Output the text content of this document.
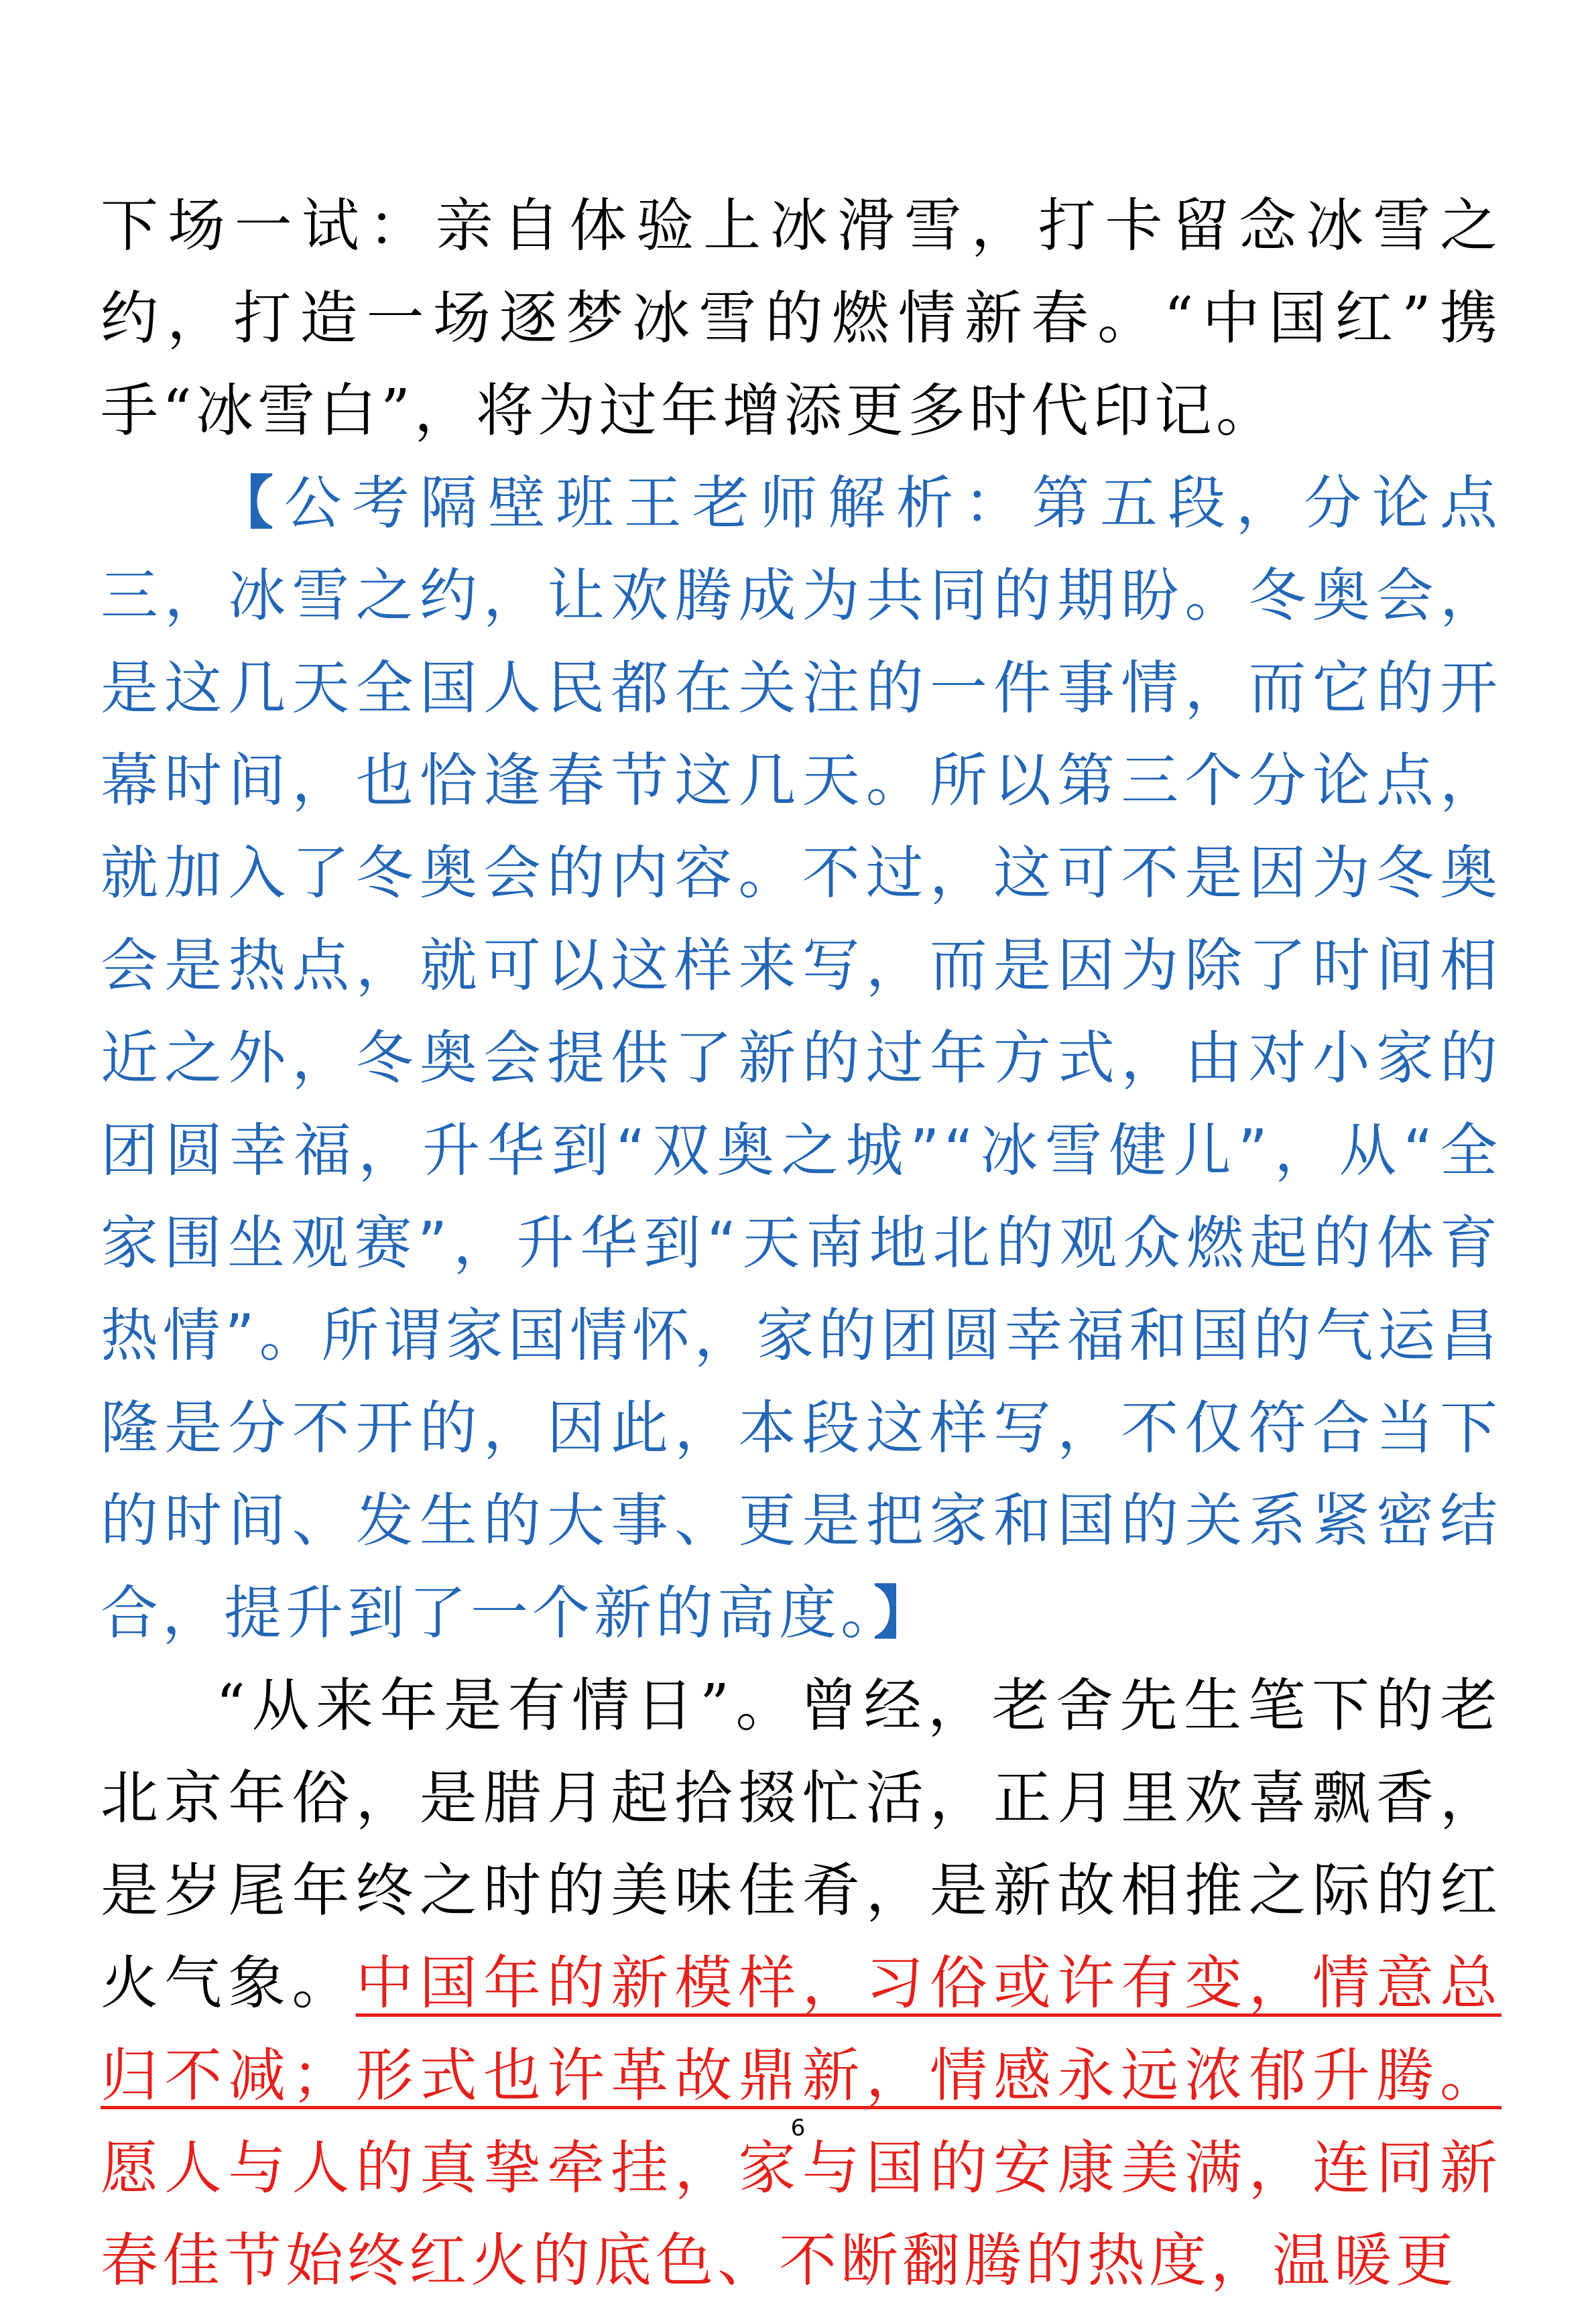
下场一试：亲自体验上冰滑雪，打卡留念冰雪之约，打造一场逐梦冰雪的燃情新春。“中国红”携手“冰雪白”，将为过年增添更多时代印记。

【公考隔壁班王老师解析：第五段，分论点三，冰雪之约，让欢腾成为共同的期盼。冬奥会，是这几天全国人民都在关注的一件事情，而它的开幕时间，也恰逢春节这几天。所以第三个分论点，就加入了冬奥会的内容。不过，这可不是因为冬奥会是热点，就可以这样来写，而是因为除了时间相近之外，冬奥会提供了新的过年方式，由对小家的团圆幸福，升华到“双奥之城”“冰雪健儿”，从“全家围坐观赛”，升华到“天南地北的观众燃起的体育热情”。所谓家国情怀，家的团圆幸福和国的气运昌隆是分不开的，因此，本段这样写，不仅符合当下的时间、发生的大事、更是把家和国的关系紧密结合，提升到了一个新的高度。】

“从来年是有情日”。曾经，老舍先生笔下的老北京年俗，是腊月起拾掇忙活，正月里欢喜飘香，是岁尾年终之时的美味佳肴，是新故相推之际的红火气象。中国年的新模样，习俗或许有变，情意总归不减；形式也许革故鼎新，情感永远浓郁升腾。愿人与人的真挚牵挂，家与国的安康美满，连同新春佳节始终红火的底色、不断翻腾的热度，温暖更

6
